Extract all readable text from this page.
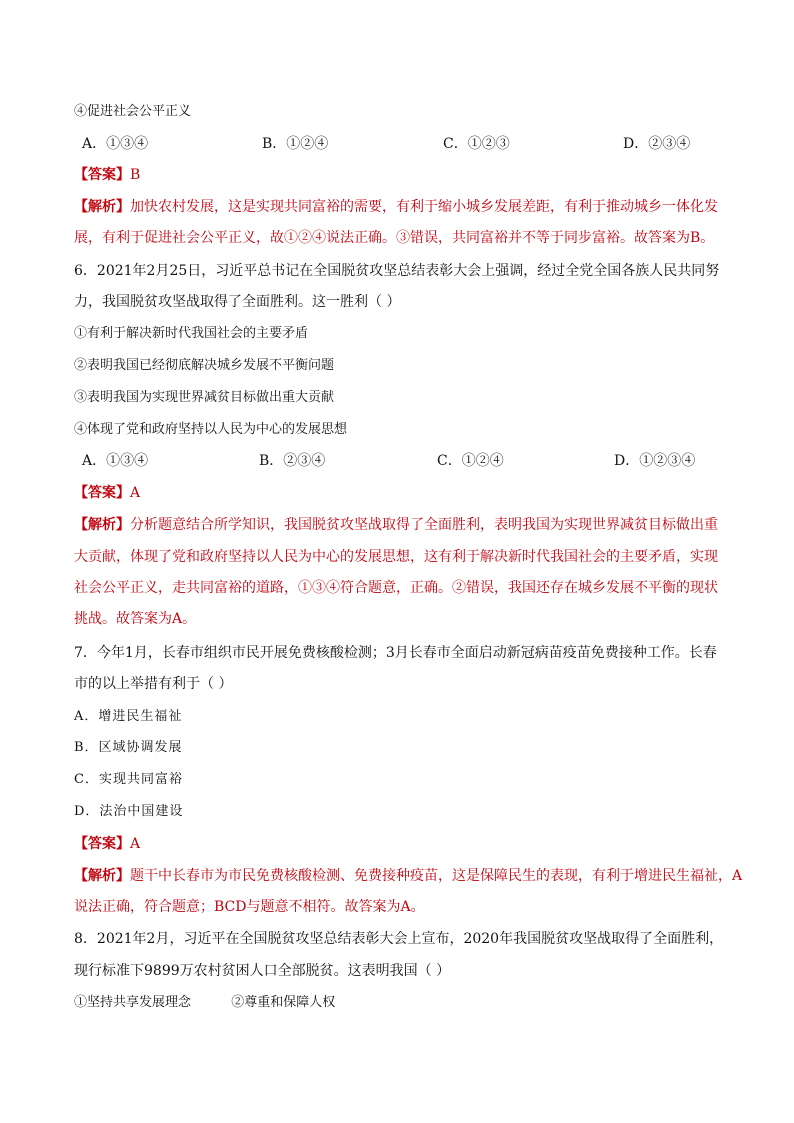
④促进社会公平正义
A．①③④	B．①②④	C．①②③	D．②③④
【答案】B
【解析】加快农村发展，这是实现共同富裕的需要，有利于缩小城乡发展差距，有利于推动城乡一体化发
展，有利于促进社会公平正义，故①②④说法正确。③错误，共同富裕并不等于同步富裕。故答案为B。
6．2021年2月25日，习近平总书记在全国脱贫攻坚总结表彰大会上强调，经过全党全国各族人民共同努
力，我国脱贫攻坚战取得了全面胜利。这一胜利（ ）
①有利于解决新时代我国社会的主要矛盾
②表明我国已经彻底解决城乡发展不平衡问题
③表明我国为实现世界减贫目标做出重大贡献
④体现了党和政府坚持以人民为中心的发展思想
A．①③④	B．②③④	C．①②④	D．①②③④
【答案】A
【解析】分析题意结合所学知识，我国脱贫攻坚战取得了全面胜利，表明我国为实现世界减贫目标做出重
大贡献，体现了党和政府坚持以人民为中心的发展思想，这有利于解决新时代我国社会的主要矛盾，实现
社会公平正义，走共同富裕的道路，①③④符合题意，正确。②错误，我国还存在城乡发展不平衡的现状
挑战。故答案为A。
7．今年1月，长春市组织市民开展免费核酸检测；3月长春市全面启动新冠病苗疫苗免费接种工作。长春
市的以上举措有利于（ ）
A．增进民生福祉
B．区域协调发展
C．实现共同富裕
D．法治中国建设
【答案】A
【解析】题干中长春市为市民免费核酸检测、免费接种疫苗，这是保障民生的表现，有利于增进民生福祉，A
说法正确，符合题意；BCD与题意不相符。故答案为A。
8．2021年2月，习近平在全国脱贫攻坚总结表彰大会上宣布，2020年我国脱贫攻坚战取得了全面胜利，
现行标准下9899万农村贫困人口全部脱贫。这表明我国（ ）
①坚持共享发展理念	②尊重和保障人权
